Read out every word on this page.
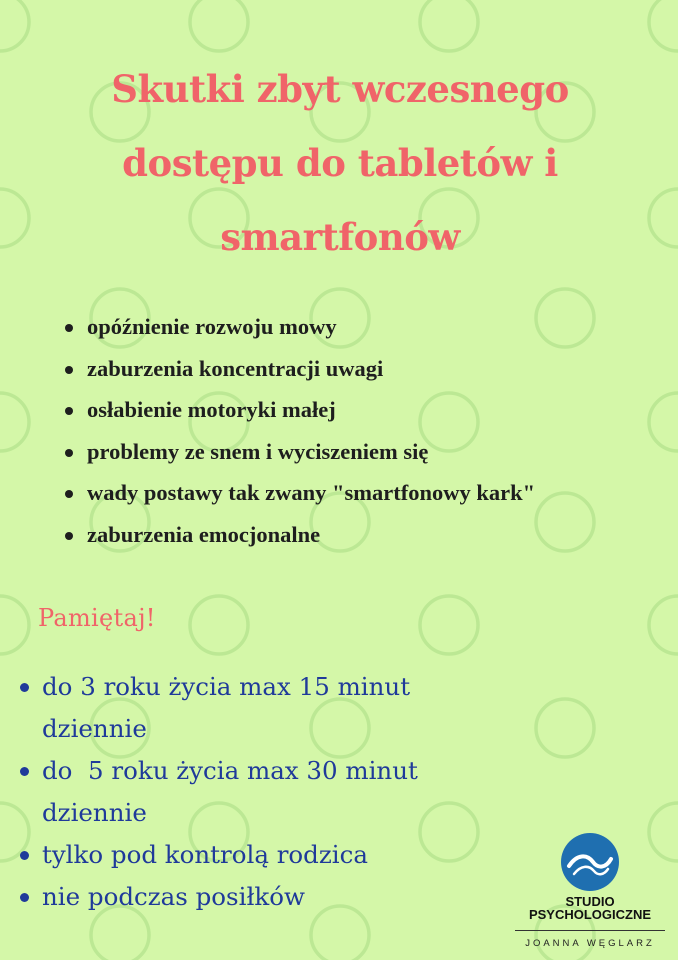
Skutki zbyt wczesnego
dostępu do tabletów i
smartfonów
opóźnienie rozwoju mowy
zaburzenia koncentracji uwagi
osłabienie motoryki małej
problemy ze snem i wyciszeniem się
wady postawy tak zwany "smartfonowy kark"
zaburzenia emocjonalne
Pamiętaj!
do 3 roku życia max 15 minut
dziennie
do  5 roku życia max 30 minut
dziennie
tylko pod kontrolą rodzica
nie podczas posiłków	STUDIO
PSYCHOLOGICZNE
JOANNA WĘGLARZ
